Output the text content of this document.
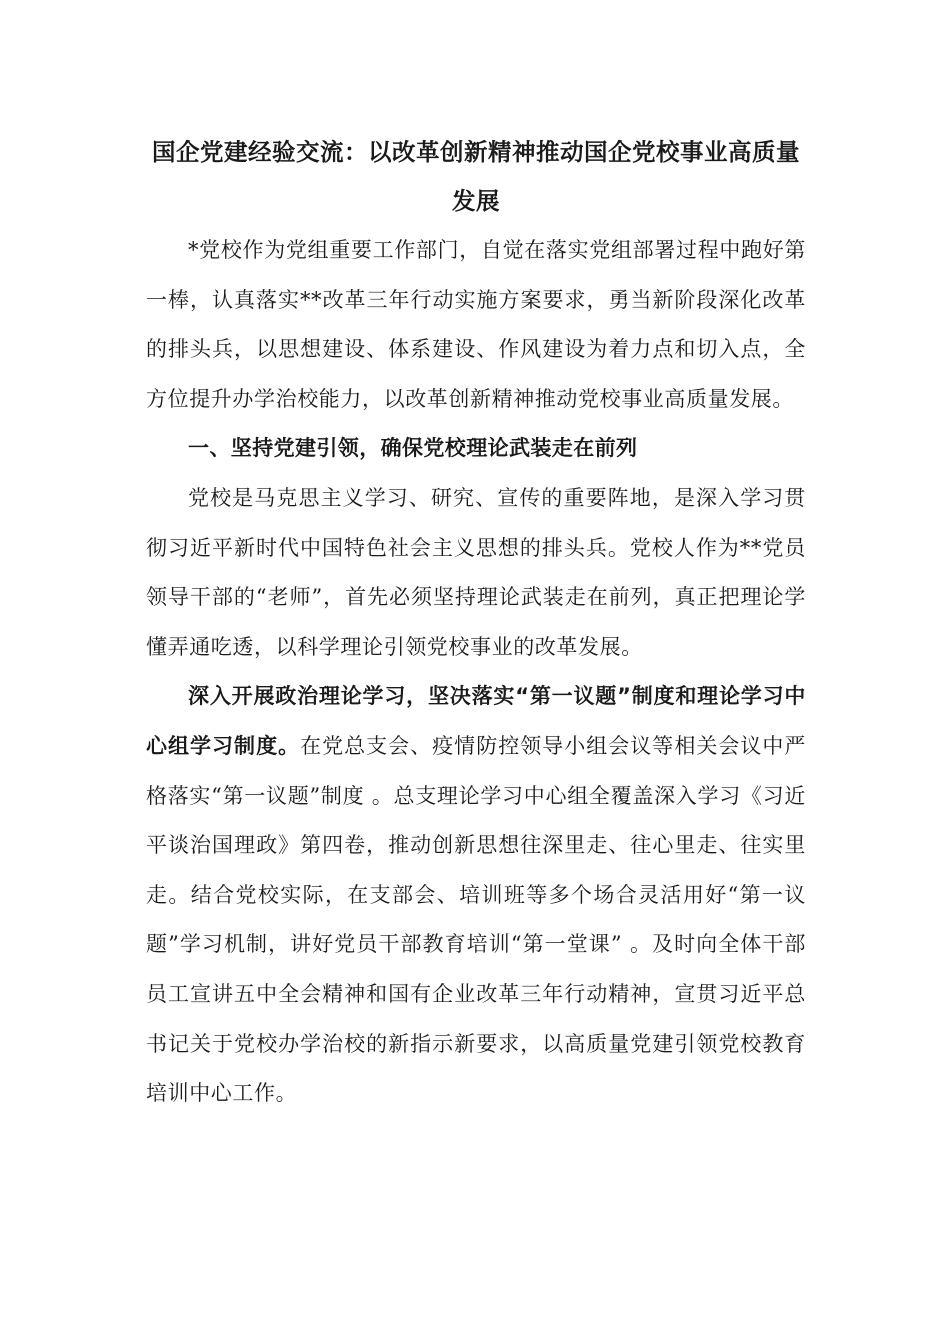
国企党建经验交流：以改革创新精神推动国企党校事业高质量发展

*党校作为党组重要工作部门，自觉在落实党组部署过程中跑好第一棒，认真落实**改革三年行动实施方案要求，勇当新阶段深化改革的排头兵，以思想建设、体系建设、作风建设为着力点和切入点，全方位提升办学治校能力，以改革创新精神推动党校事业高质量发展。

一、坚持党建引领，确保党校理论武装走在前列

党校是马克思主义学习、研究、宣传的重要阵地，是深入学习贯彻习近平新时代中国特色社会主义思想的排头兵。党校人作为**党员领导干部的“老师”，首先必须坚持理论武装走在前列，真正把理论学懂弄通吃透，以科学理论引领党校事业的改革发展。

深入开展政治理论学习，坚决落实“第一议题”制度和理论学习中心组学习制度。在党总支会、疫情防控领导小组会议等相关会议中严格落实“第一议题”制度 。总支理论学习中心组全覆盖深入学习《习近平谈治国理政》第四卷，推动创新思想往深里走、往心里走、往实里走。结合党校实际，在支部会、培训班等多个场合灵活用好“第一议题”学习机制，讲好党员干部教育培训“第一堂课” 。及时向全体干部员工宣讲五中全会精神和国有企业改革三年行动精神，宣贯习近平总书记关于党校办学治校的新指示新要求，以高质量党建引领党校教育培训中心工作。
